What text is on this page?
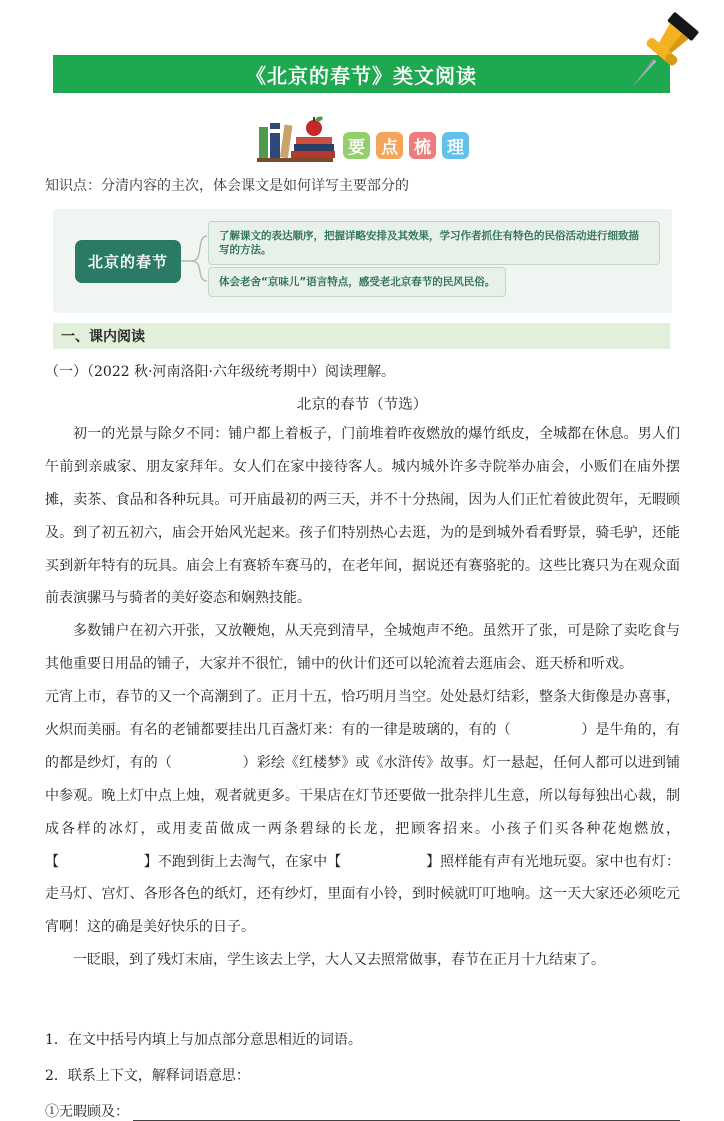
《北京的春节》类文阅读
要 点 梳 理
知识点：分清内容的主次，体会课文是如何详写主要部分的
北京的春节
了解课文的表达顺序，把握详略安排及其效果，学习作者抓住有特色的民俗活动进行细致描写的方法。
体会老舍“京味儿”语言特点，感受老北京春节的民风民俗。
一、课内阅读
（一）（2022 秋·河南洛阳·六年级统考期中）阅读理解。
北京的春节（节选）

初一的光景与除夕不同：铺户都上着板子，门前堆着昨夜燃放的爆竹纸皮，全城都在休息。男人们午前到亲戚家、朋友家拜年。女人们在家中接待客人。城内城外许多寺院举办庙会，小贩们在庙外摆摊，卖茶、食品和各种玩具。可开庙最初的两三天，并不十分热闹，因为人们正忙着彼此贺年，无暇顾及。到了初五初六，庙会开始风光起来。孩子们特别热心去逛，为的是到城外看看野景，骑毛驴，还能买到新年特有的玩具。庙会上有赛轿车赛马的，在老年间，据说还有赛骆驼的。这些比赛只为在观众面前表演骡马与骑者的美好姿态和娴熟技能。

多数铺户在初六开张，又放鞭炮，从天亮到清早，全城炮声不绝。虽然开了张，可是除了卖吃食与其他重要日用品的铺子，大家并不很忙，铺中的伙计们还可以轮流着去逛庙会、逛天桥和听戏。

元宵上市，春节的又一个高潮到了。正月十五，恰巧明月当空。处处悬灯结彩，整条大街像是办喜事，火炽而美丽。有名的老铺都要挂出几百盏灯来：有的一律是玻璃的，有的（　　　　　）是牛角的，有的都是纱灯，有的（　　　　　）彩绘《红楼梦》或《水浒传》故事。灯一悬起，任何人都可以进到铺中参观。晚上灯中点上烛，观者就更多。干果店在灯节还要做一批杂拌儿生意，所以每每独出心裁，制成各样的冰灯，或用麦苗做成一两条碧绿的长龙，把顾客招来。小孩子们买各种花炮燃放，【　　　　　　】不跑到街上去淘气，在家中【　　　　　　】照样能有声有光地玩耍。家中也有灯：走马灯、宫灯、各形各色的纸灯，还有纱灯，里面有小铃，到时候就叮叮地响。这一天大家还必须吃元宵啊！这的确是美好快乐的日子。

一眨眼，到了残灯末庙，学生该去上学，大人又去照常做事，春节在正月十九结束了。

1．在文中括号内填上与加点部分意思相近的词语。

2．联系上下文，解释词语意思：

①无暇顾及：
